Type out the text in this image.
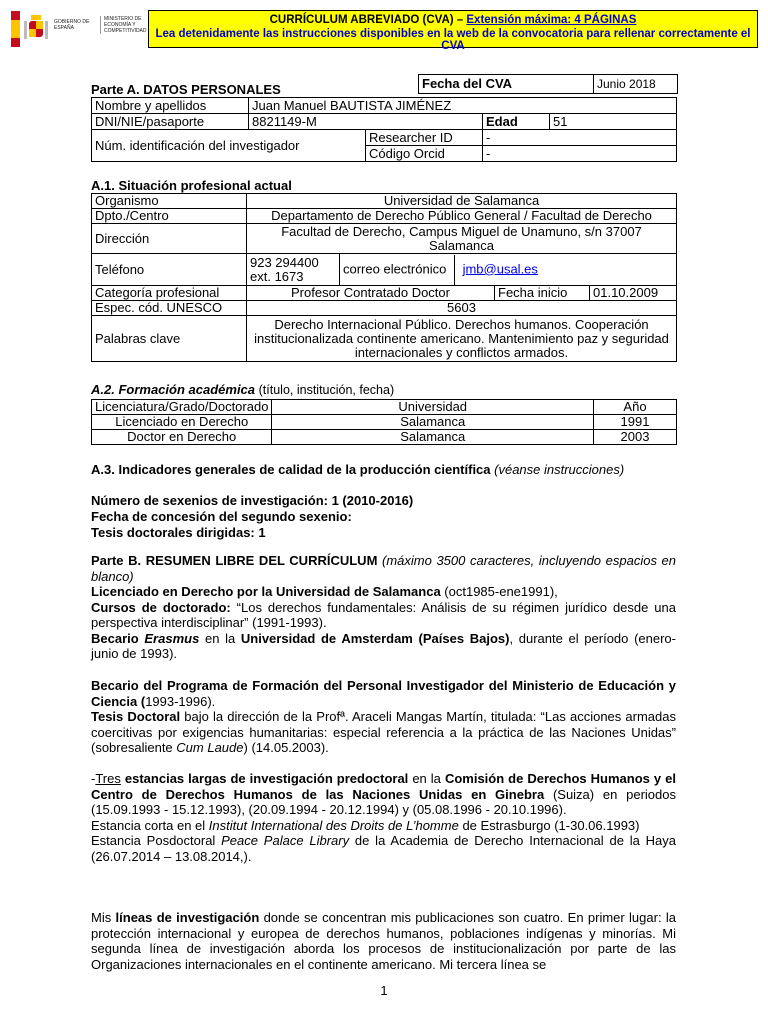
GOBIERNO DE ESPAÑA
MINISTERIO DE ECONOMÍA Y COMPETITIVIDAD
CURRÍCULUM ABREVIADO (CVA) – Extensión máxima: 4 PÁGINAS
Lea detenidamente las instrucciones disponibles en la web de la convocatoria para rellenar correctamente el CVA
Parte A. DATOS PERSONALES	Fecha del CVA	Junio 2018
Nombre y apellidos	Juan Manuel BAUTISTA JIMÉNEZ			
DNI/NIE/pasaporte	8821149-M		Edad	51
Núm. identificación del investigador		Researcher ID	-	
		Código Orcid	-	
A.1. Situación profesional actual
Organismo	Universidad de Salamanca			
Dpto./Centro	Departamento de Derecho Público General / Facultad de Derecho			
Dirección	Facultad de Derecho, Campus Miguel de Unamuno, s/n 37007 Salamanca			
Teléfono	923 294400 ext. 1673	correo electrónico jmb@usal.es		
Categoría profesional	Profesor Contratado Doctor		Fecha inicio	01.10.2009
Espec. cód. UNESCO	5603			
Palabras clave	Derecho Internacional Público. Derechos humanos. Cooperación institucionalizada continente americano. Mantenimiento paz y seguridad internacionales y conflictos armados.			
A.2. Formación académica (título, institución, fecha)
Licenciatura/Grado/Doctorado	Universidad	Año
Licenciado en Derecho	Salamanca	1991
Doctor en Derecho	Salamanca	2003
A.3. Indicadores generales de calidad de la producción científica (véanse instrucciones)
Número de sexenios de investigación: 1 (2010-2016)
Fecha de concesión del segundo sexenio:
Tesis doctorales dirigidas: 1
Parte B. RESUMEN LIBRE DEL CURRÍCULUM (máximo 3500 caracteres, incluyendo espacios en blanco)
Licenciado en Derecho por la Universidad de Salamanca (oct1985-ene1991),
Cursos de doctorado: “Los derechos fundamentales: Análisis de su régimen jurídico desde una perspectiva interdisciplinar” (1991-1993).
Becario Erasmus en la Universidad de Amsterdam (Países Bajos), durante el período (enero-junio de 1993).
Becario del Programa de Formación del Personal Investigador del Ministerio de Educación y Ciencia (1993-1996).
Tesis Doctoral bajo la dirección de la Profª. Araceli Mangas Martín, titulada: “Las acciones armadas coercitivas por exigencias humanitarias: especial referencia a la práctica de las Naciones Unidas” (sobresaliente Cum Laude) (14.05.2003).
-Tres estancias largas de investigación predoctoral en la Comisión de Derechos Humanos y el Centro de Derechos Humanos de las Naciones Unidas en Ginebra (Suiza) en periodos (15.09.1993 - 15.12.1993), (20.09.1994 - 20.12.1994) y (05.08.1996 - 20.10.1996).
Estancia corta en el Institut International des Droits de L’homme de Estrasburgo (1-30.06.1993)
Estancia Posdoctoral Peace Palace Library de la Academia de Derecho Internacional de la Haya (26.07.2014 – 13.08.2014,).
Mis líneas de investigación donde se concentran mis publicaciones son cuatro. En primer lugar: la protección internacional y europea de derechos humanos, poblaciones indígenas y minorías. Mi segunda línea de investigación aborda los procesos de institucionalización por parte de las Organizaciones internacionales en el continente americano. Mi tercera línea se
1
